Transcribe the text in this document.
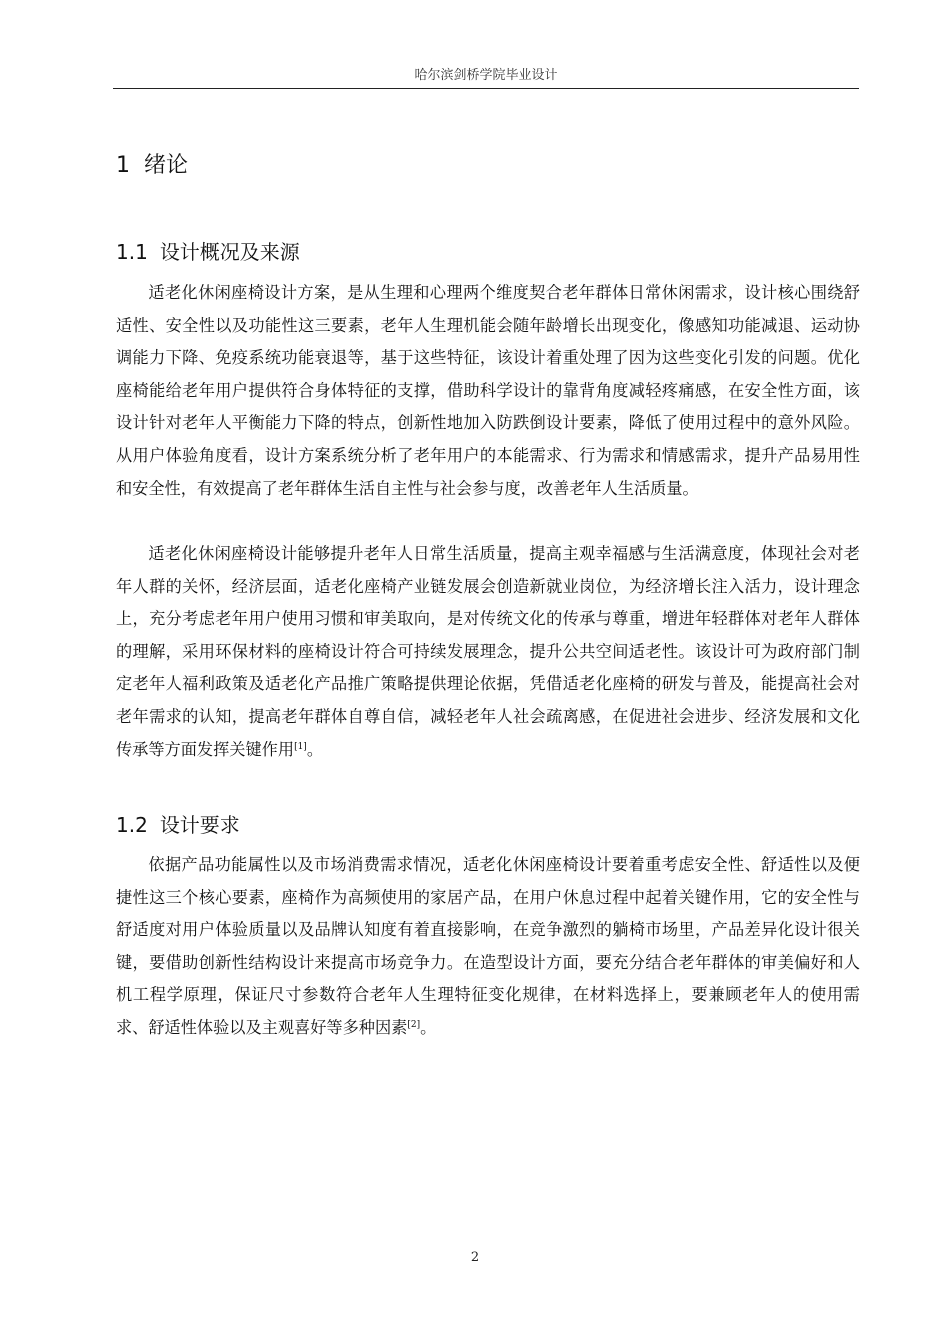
哈尔滨剑桥学院毕业设计
1 绪论
1.1 设计概况及来源

适老化休闲座椅设计方案，是从生理和心理两个维度契合老年群体日常休闲需求，设计核心围绕舒适性、安全性以及功能性这三要素，老年人生理机能会随年龄增长出现变化，像感知功能减退、运动协调能力下降、免疫系统功能衰退等，基于这些特征，该设计着重处理了因为这些变化引发的问题。优化座椅能给老年用户提供符合身体特征的支撑，借助科学设计的靠背角度减轻疼痛感，在安全性方面，该设计针对老年人平衡能力下降的特点，创新性地加入防跌倒设计要素，降低了使用过程中的意外风险。从用户体验角度看，设计方案系统分析了老年用户的本能需求、行为需求和情感需求，提升产品易用性和安全性，有效提高了老年群体生活自主性与社会参与度，改善老年人生活质量。

适老化休闲座椅设计能够提升老年人日常生活质量，提高主观幸福感与生活满意度，体现社会对老年人群的关怀，经济层面，适老化座椅产业链发展会创造新就业岗位，为经济增长注入活力，设计理念上，充分考虑老年用户使用习惯和审美取向，是对传统文化的传承与尊重，增进年轻群体对老年人群体的理解，采用环保材料的座椅设计符合可持续发展理念，提升公共空间适老性。该设计可为政府部门制定老年人福利政策及适老化产品推广策略提供理论依据，凭借适老化座椅的研发与普及，能提高社会对老年需求的认知，提高老年群体自尊自信，减轻老年人社会疏离感，在促进社会进步、经济发展和文化传承等方面发挥关键作用[1]。

1.2 设计要求

依据产品功能属性以及市场消费需求情况，适老化休闲座椅设计要着重考虑安全性、舒适性以及便捷性这三个核心要素，座椅作为高频使用的家居产品，在用户休息过程中起着关键作用，它的安全性与舒适度对用户体验质量以及品牌认知度有着直接影响，在竞争激烈的躺椅市场里，产品差异化设计很关键，要借助创新性结构设计来提高市场竞争力。在造型设计方面，要充分结合老年群体的审美偏好和人机工程学原理，保证尺寸参数符合老年人生理特征变化规律，在材料选择上，要兼顾老年人的使用需求、舒适性体验以及主观喜好等多种因素[2]。

2
